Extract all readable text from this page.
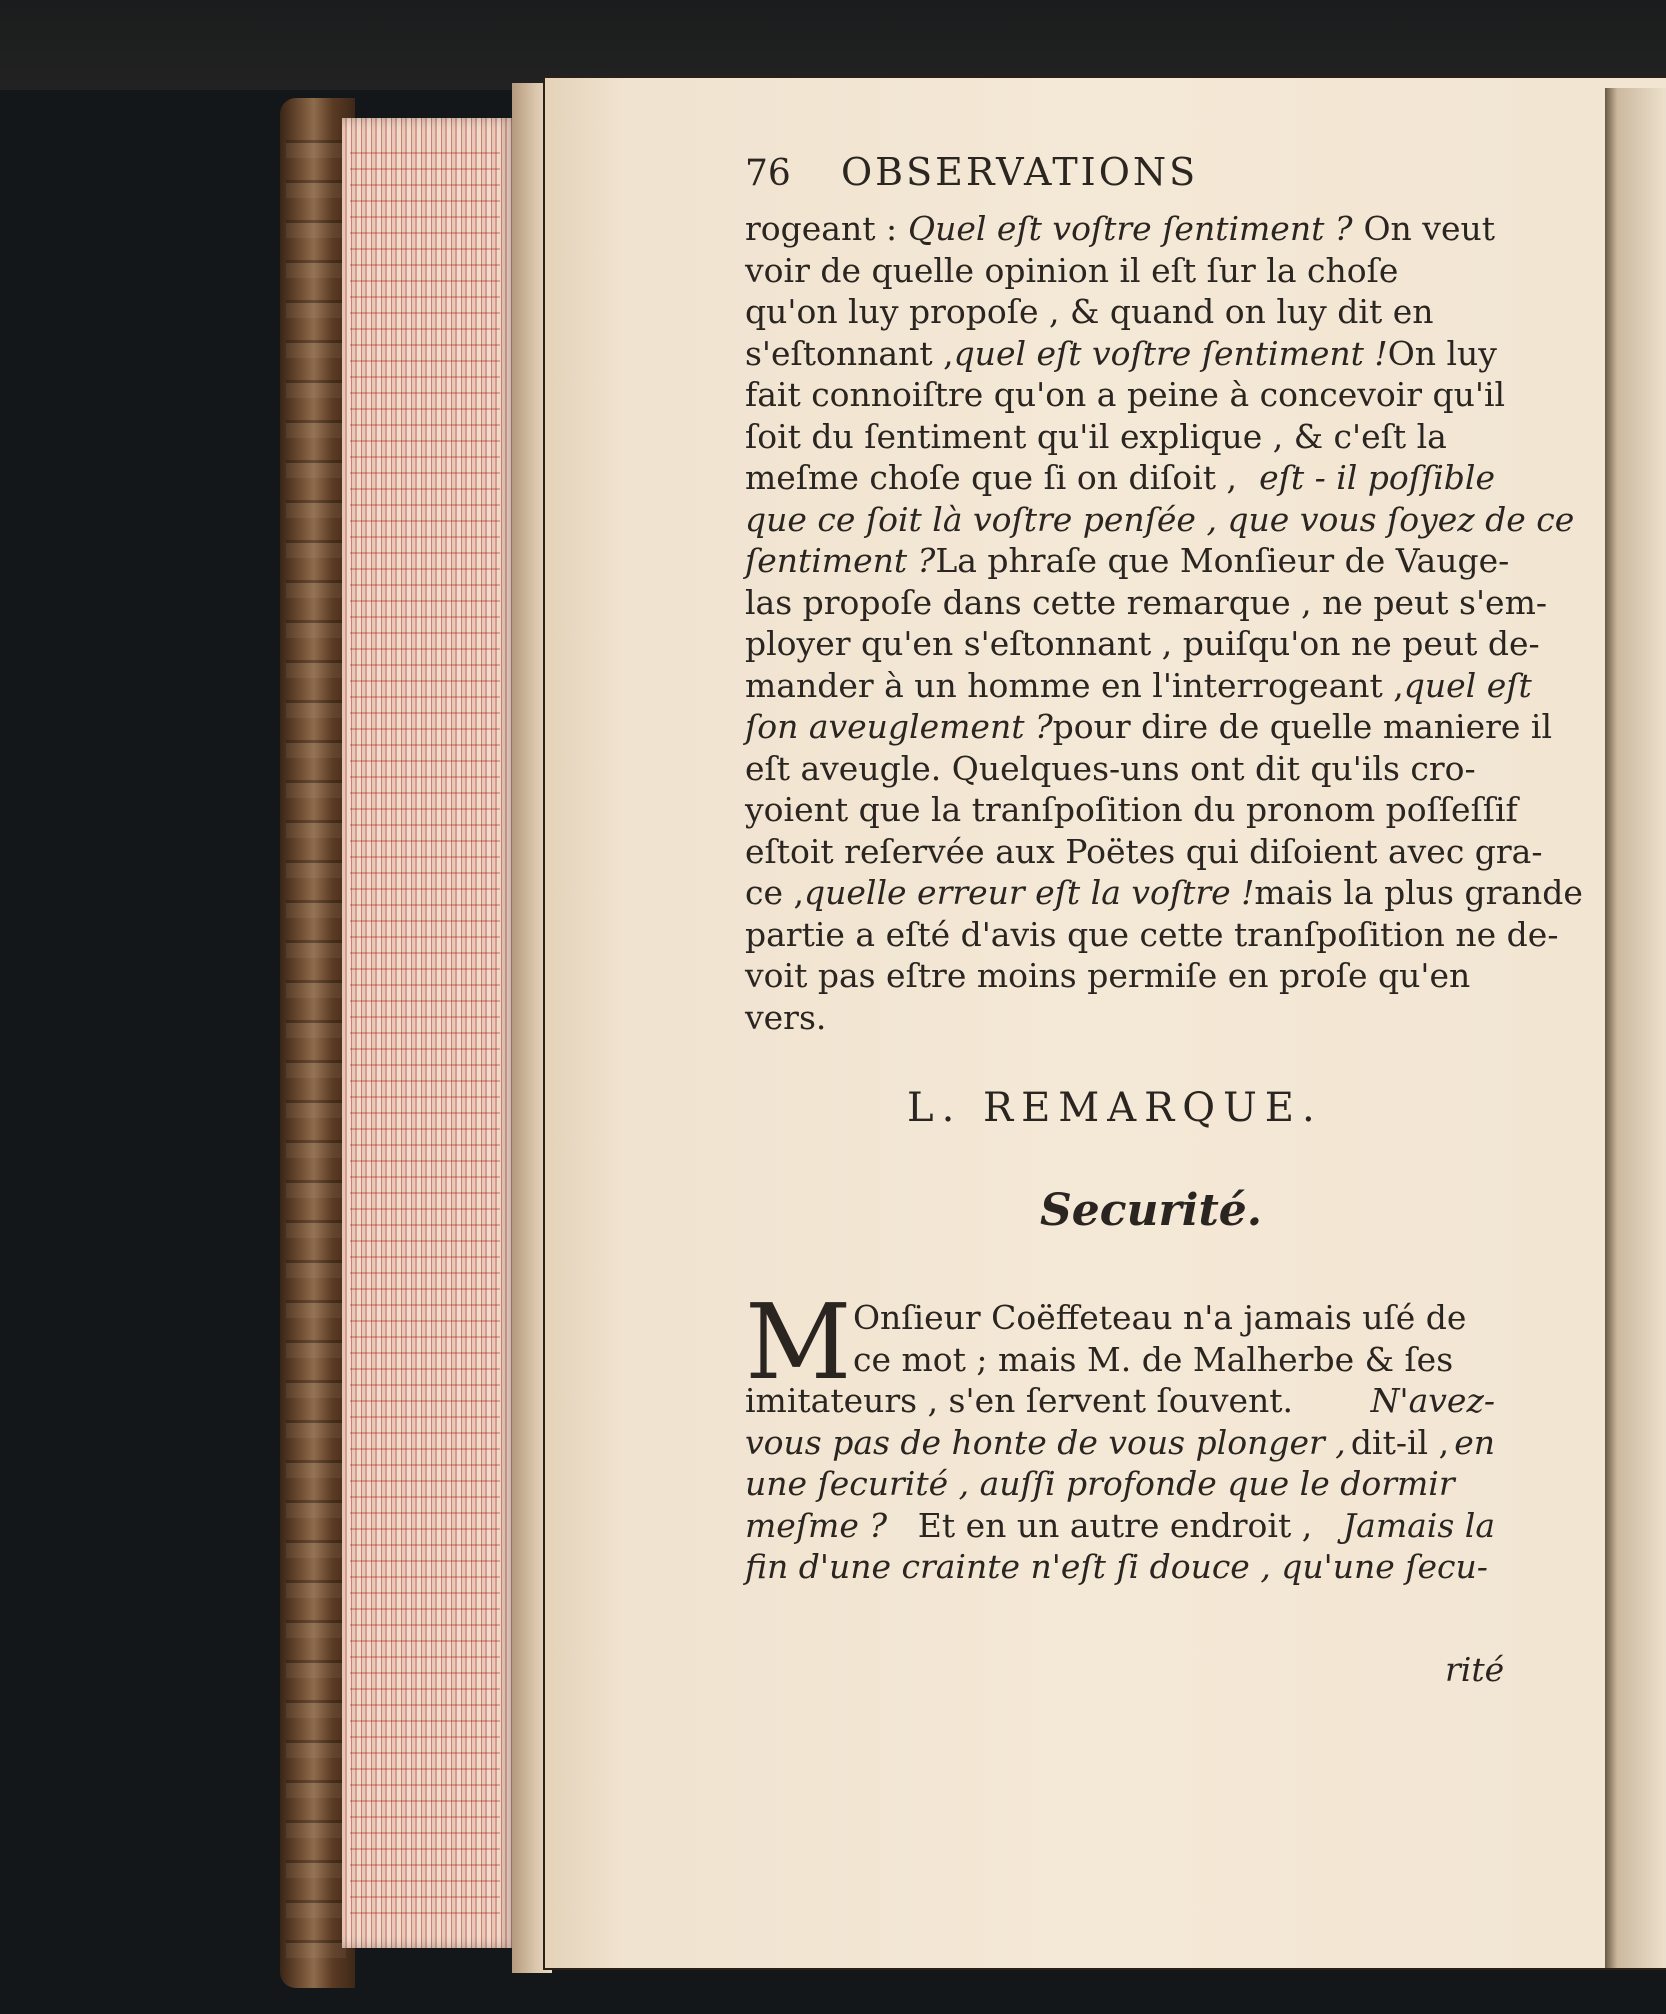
76 OBSERVATIONS
rogeant : Quel eſt voſtre ſentiment ? On veut
voir de quelle opinion il eſt ſur la choſe
qu'on luy propoſe , & quand on luy dit en
s'eſtonnant , quel eſt voſtre ſentiment ! On luy
fait connoiſtre qu'on a peine à concevoir qu'il
ſoit du ſentiment qu'il explique , & c'eſt la
meſme choſe que ſi on diſoit , eſt - il poſſible
que ce ſoit là voſtre penſée , que vous ſoyez de ce
ſentiment ? La phraſe que Monſieur de Vauge-
las propoſe dans cette remarque , ne peut s'em-
ployer qu'en s'eſtonnant , puiſqu'on ne peut de-
mander à un homme en l'interrogeant , quel eſt
ſon aveuglement ? pour dire de quelle maniere il
eſt aveugle. Quelques-uns ont dit qu'ils cro-
yoient que la tranſpoſition du pronom poſſeſſif
eſtoit reſervée aux Poëtes qui diſoient avec gra-
ce , quelle erreur eſt la voſtre ! mais la plus grande
partie a eſté d'avis que cette tranſpoſition ne de-
voit pas eſtre moins permiſe en proſe qu'en
vers.
L. REMARQUE.
Securité.
M Onſieur Coëffeteau n'a jamais uſé de
ce mot ; mais M. de Malherbe & ſes
imitateurs , s'en ſervent ſouvent. N'avez-
vous pas de honte de vous plonger , dit-il , en
une ſecurité , auſſi profonde que le dormir
meſme ? Et en un autre endroit , Jamais la
fin d'une crainte n'eſt ſi douce , qu'une ſecu-
rité
